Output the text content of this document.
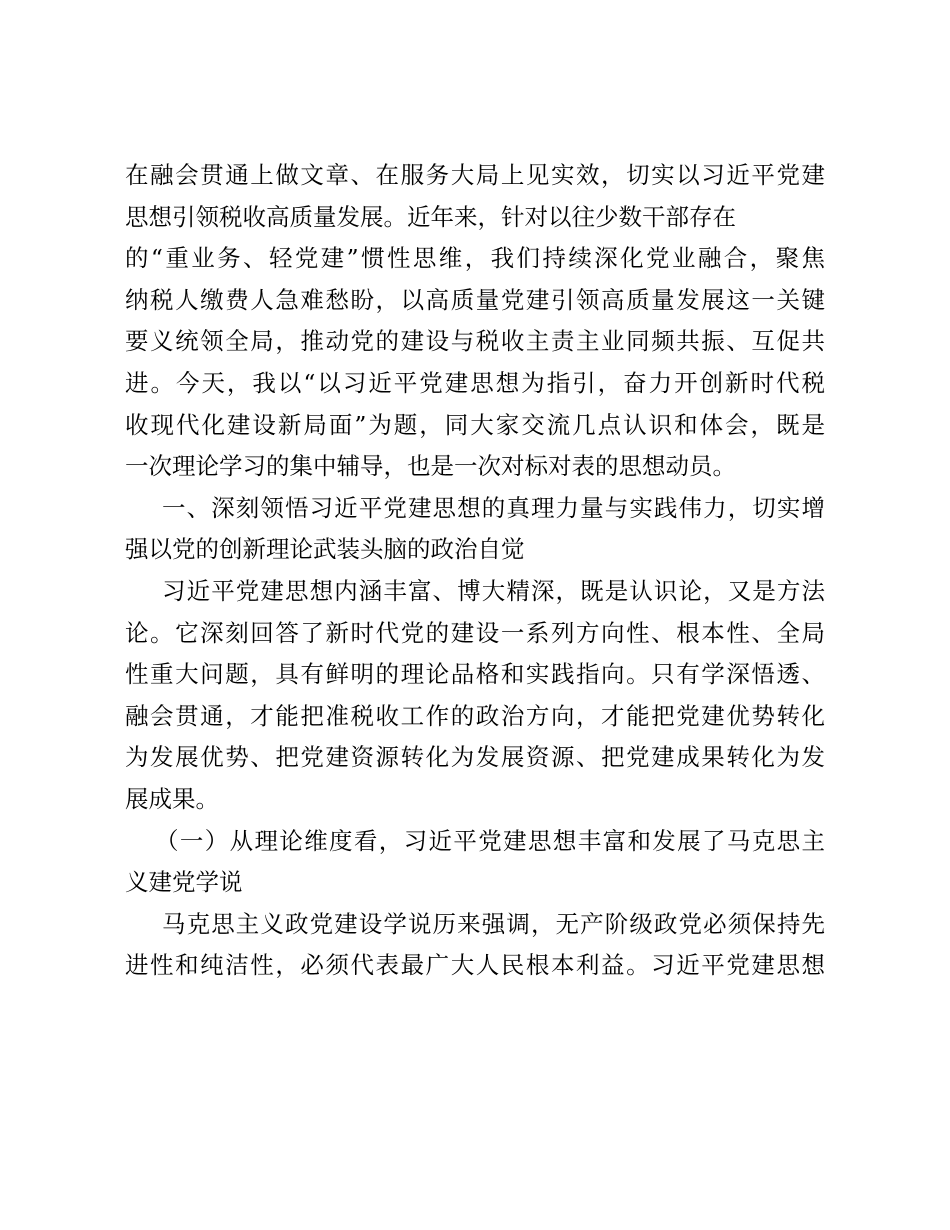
在融会贯通上做文章、在服务大局上见实效，切实以习近平党建
思想引领税收高质量发展。近年来，针对以往少数干部存在
的“重业务、轻党建”惯性思维，我们持续深化党业融合，聚焦
纳税人缴费人急难愁盼，以高质量党建引领高质量发展这一关键
要义统领全局，推动党的建设与税收主责主业同频共振、互促共
进。今天，我以“以习近平党建思想为指引，奋力开创新时代税
收现代化建设新局面”为题，同大家交流几点认识和体会，既是
一次理论学习的集中辅导，也是一次对标对表的思想动员。
一、深刻领悟习近平党建思想的真理力量与实践伟力，切实增
强以党的创新理论武装头脑的政治自觉
习近平党建思想内涵丰富、博大精深，既是认识论，又是方法
论。它深刻回答了新时代党的建设一系列方向性、根本性、全局
性重大问题，具有鲜明的理论品格和实践指向。只有学深悟透、
融会贯通，才能把准税收工作的政治方向，才能把党建优势转化
为发展优势、把党建资源转化为发展资源、把党建成果转化为发
展成果。
（一）从理论维度看，习近平党建思想丰富和发展了马克思主
义建党学说
马克思主义政党建设学说历来强调，无产阶级政党必须保持先
进性和纯洁性，必须代表最广大人民根本利益。习近平党建思想
